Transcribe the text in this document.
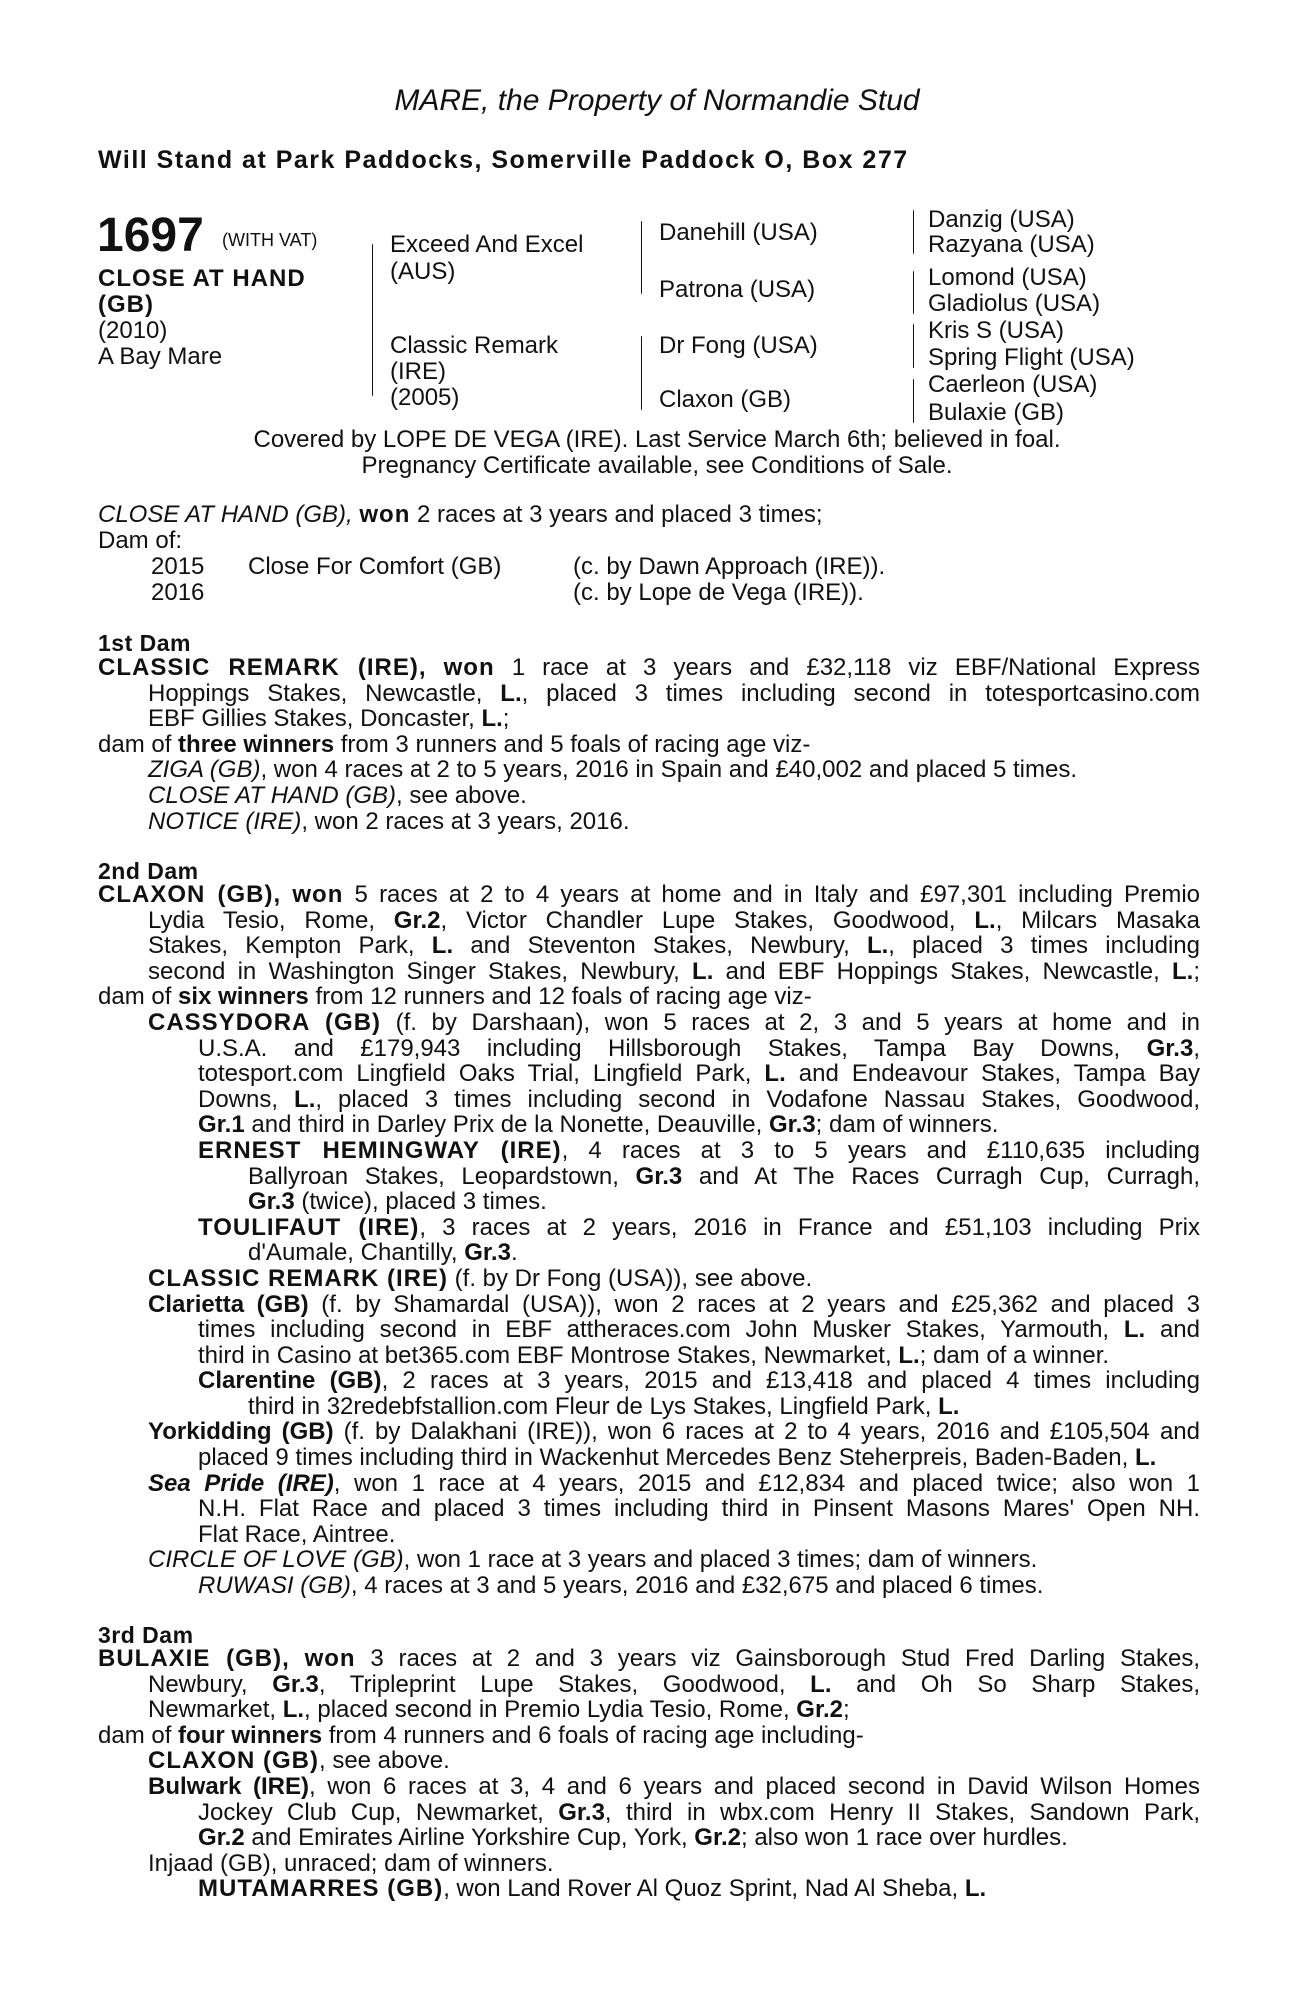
MARE, the Property of Normandie Stud
Will Stand at Park Paddocks, Somerville Paddock O, Box 277
1697 (WITH VAT)
CLOSE AT HAND
(GB)
(2010)
A Bay Mare
Exceed And Excel
(AUS)
Classic Remark
(IRE)
(2005)
Danehill (USA)
Patrona (USA)
Dr Fong (USA)
Claxon (GB)
Danzig (USA)
Razyana (USA)
Lomond (USA)
Gladiolus (USA)
Kris S (USA)
Spring Flight (USA)
Caerleon (USA)
Bulaxie (GB)
Covered by LOPE DE VEGA (IRE). Last Service March 6th; believed in foal.
Pregnancy Certificate available, see Conditions of Sale.
CLOSE AT HAND (GB), won 2 races at 3 years and placed 3 times;
Dam of:
2015 Close For Comfort (GB)	(c. by Dawn Approach (IRE)).
2016	(c. by Lope de Vega (IRE)).
1st Dam

CLASSIC REMARK (IRE), won 1 race at 3 years and £32,118 viz EBF/National Express

Hoppings Stakes, Newcastle, L., placed 3 times including second in totesportcasino.com

EBF Gillies Stakes, Doncaster, L.;

dam of three winners from 3 runners and 5 foals of racing age viz-

ZIGA (GB), won 4 races at 2 to 5 years, 2016 in Spain and £40,002 and placed 5 times.

CLOSE AT HAND (GB), see above.

NOTICE (IRE), won 2 races at 3 years, 2016.

2nd Dam

CLAXON (GB), won 5 races at 2 to 4 years at home and in Italy and £97,301 including Premio

Lydia Tesio, Rome, Gr.2, Victor Chandler Lupe Stakes, Goodwood, L., Milcars Masaka

Stakes, Kempton Park, L. and Steventon Stakes, Newbury, L., placed 3 times including

second in Washington Singer Stakes, Newbury, L. and EBF Hoppings Stakes, Newcastle, L.;

dam of six winners from 12 runners and 12 foals of racing age viz-

CASSYDORA (GB) (f. by Darshaan), won 5 races at 2, 3 and 5 years at home and in

U.S.A. and £179,943 including Hillsborough Stakes, Tampa Bay Downs, Gr.3,

totesport.com Lingfield Oaks Trial, Lingfield Park, L. and Endeavour Stakes, Tampa Bay

Downs, L., placed 3 times including second in Vodafone Nassau Stakes, Goodwood,

Gr.1 and third in Darley Prix de la Nonette, Deauville, Gr.3; dam of winners.

ERNEST HEMINGWAY (IRE), 4 races at 3 to 5 years and £110,635 including

Ballyroan Stakes, Leopardstown, Gr.3 and At The Races Curragh Cup, Curragh,

Gr.3 (twice), placed 3 times.

TOULIFAUT (IRE), 3 races at 2 years, 2016 in France and £51,103 including Prix

d'Aumale, Chantilly, Gr.3.

CLASSIC REMARK (IRE) (f. by Dr Fong (USA)), see above.

Clarietta (GB) (f. by Shamardal (USA)), won 2 races at 2 years and £25,362 and placed 3

times including second in EBF attheraces.com John Musker Stakes, Yarmouth, L. and

third in Casino at bet365.com EBF Montrose Stakes, Newmarket, L.; dam of a winner.

Clarentine (GB), 2 races at 3 years, 2015 and £13,418 and placed 4 times including

third in 32redebfstallion.com Fleur de Lys Stakes, Lingfield Park, L.

Yorkidding (GB) (f. by Dalakhani (IRE)), won 6 races at 2 to 4 years, 2016 and £105,504 and

placed 9 times including third in Wackenhut Mercedes Benz Steherpreis, Baden-Baden, L.

Sea Pride (IRE), won 1 race at 4 years, 2015 and £12,834 and placed twice; also won 1

N.H. Flat Race and placed 3 times including third in Pinsent Masons Mares' Open NH.

Flat Race, Aintree.

CIRCLE OF LOVE (GB), won 1 race at 3 years and placed 3 times; dam of winners.

RUWASI (GB), 4 races at 3 and 5 years, 2016 and £32,675 and placed 6 times.

3rd Dam

BULAXIE (GB), won 3 races at 2 and 3 years viz Gainsborough Stud Fred Darling Stakes,

Newbury, Gr.3, Tripleprint Lupe Stakes, Goodwood, L. and Oh So Sharp Stakes,

Newmarket, L., placed second in Premio Lydia Tesio, Rome, Gr.2;

dam of four winners from 4 runners and 6 foals of racing age including-

CLAXON (GB), see above.

Bulwark (IRE), won 6 races at 3, 4 and 6 years and placed second in David Wilson Homes

Jockey Club Cup, Newmarket, Gr.3, third in wbx.com Henry II Stakes, Sandown Park,

Gr.2 and Emirates Airline Yorkshire Cup, York, Gr.2; also won 1 race over hurdles.

Injaad (GB), unraced; dam of winners.

MUTAMARRES (GB), won Land Rover Al Quoz Sprint, Nad Al Sheba, L.
